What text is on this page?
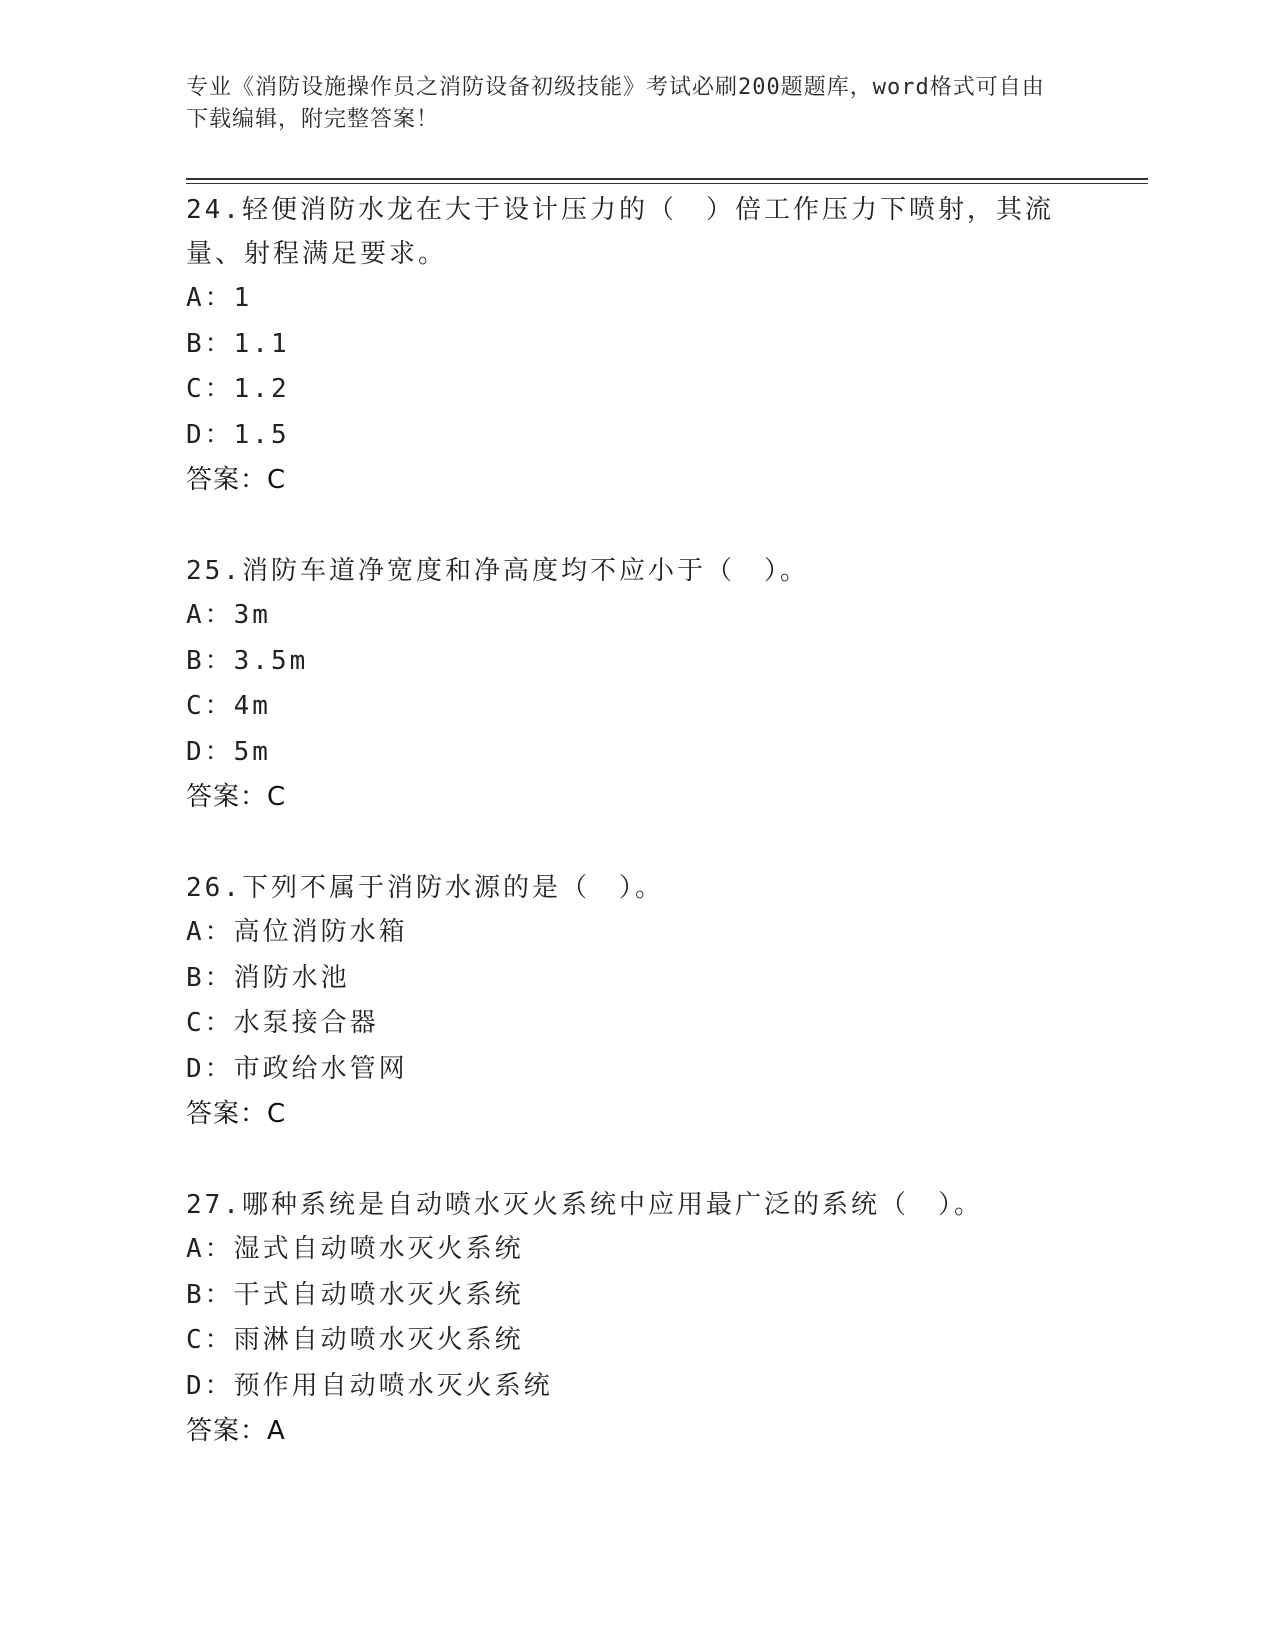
专业《消防设施操作员之消防设备初级技能》考试必刷200题题库，word格式可自由下载编辑，附完整答案！

24.轻便消防水龙在大于设计压力的（　）倍工作压力下喷射，其流量、射程满足要求。

A：1

B：1.1

C：1.2

D：1.5

答案：C

25.消防车道净宽度和净高度均不应小于（　）。

A：3m

B：3.5m

C：4m

D：5m

答案：C

26.下列不属于消防水源的是（　）。

A：高位消防水箱

B：消防水池

C：水泵接合器

D：市政给水管网

答案：C

27.哪种系统是自动喷水灭火系统中应用最广泛的系统（　）。

A：湿式自动喷水灭火系统

B：干式自动喷水灭火系统

C：雨淋自动喷水灭火系统

D：预作用自动喷水灭火系统

答案：A
